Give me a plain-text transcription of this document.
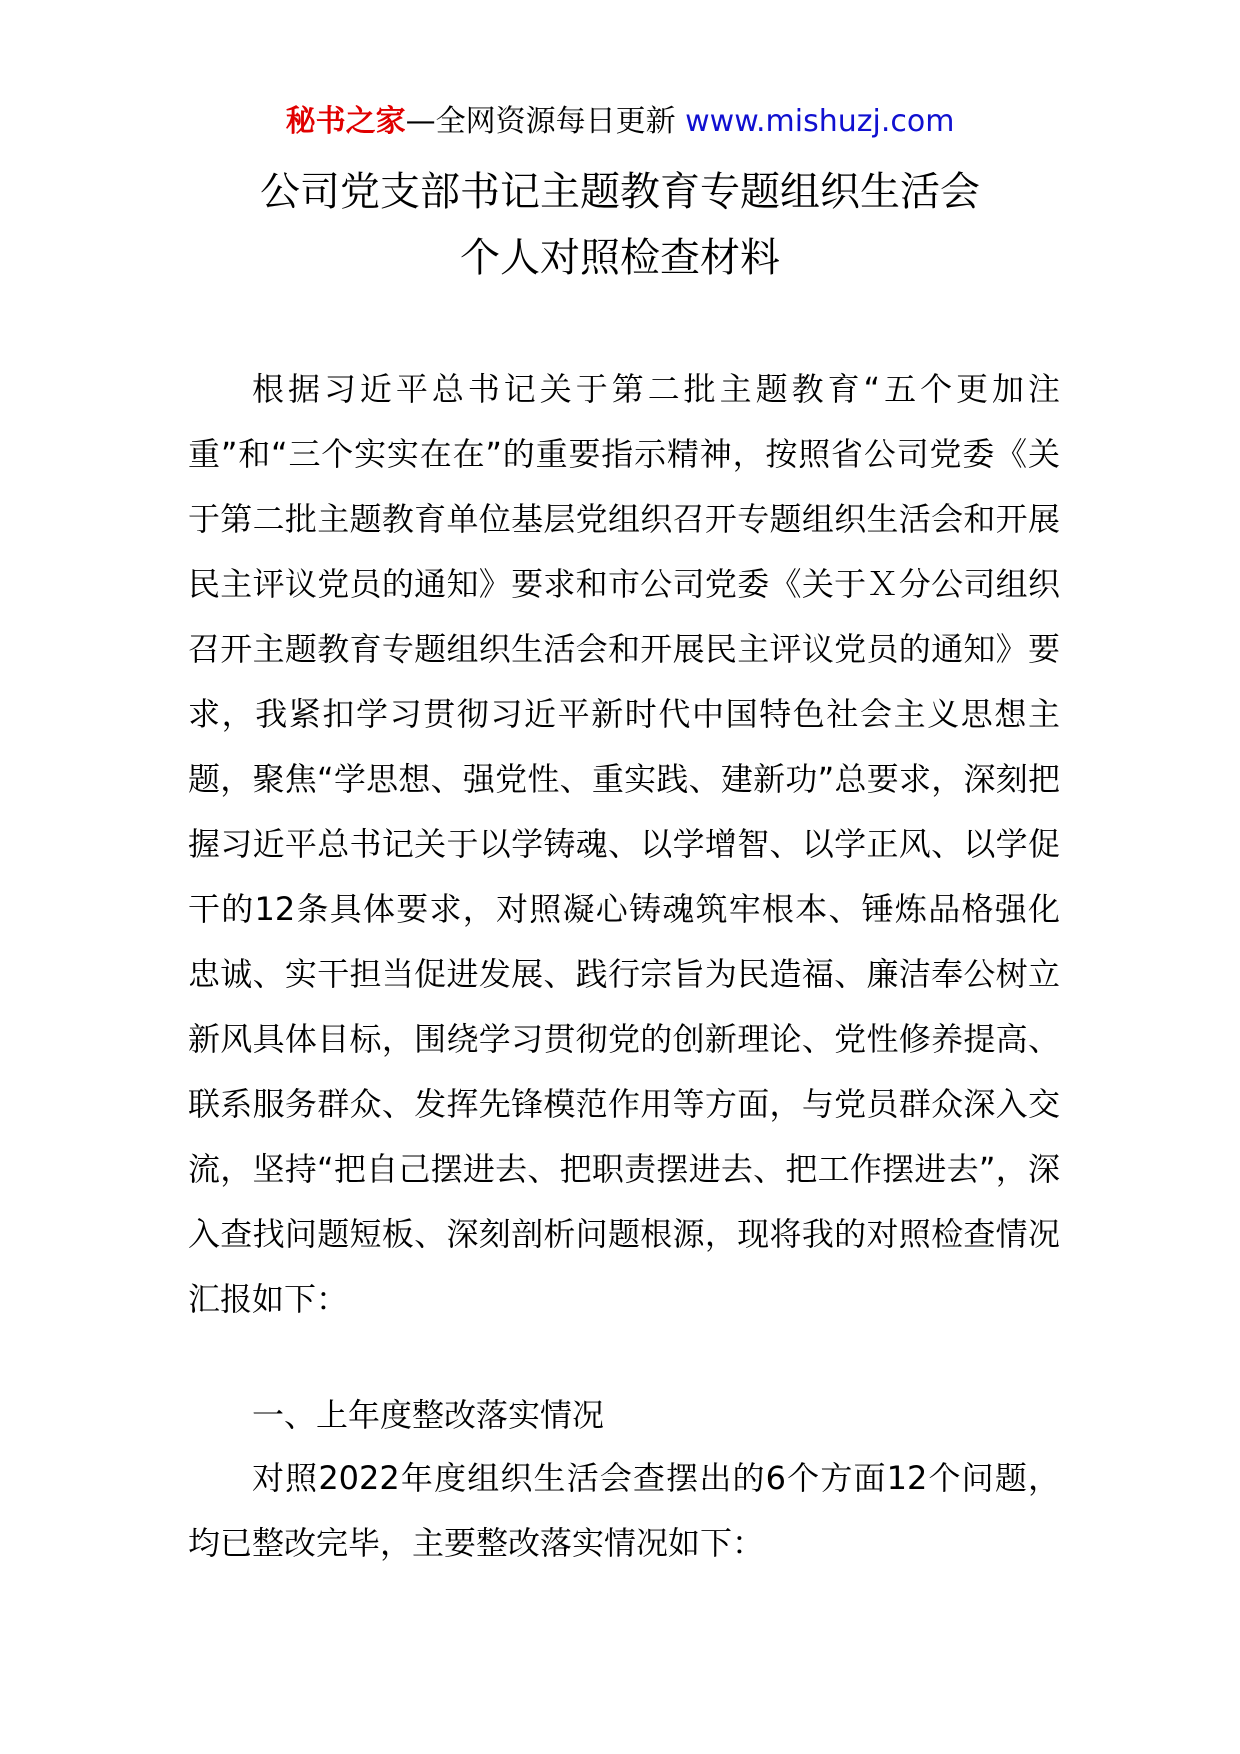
秘书之家—全网资源每日更新 www.mishuzj.com
公司党支部书记主题教育专题组织生活会
个人对照检查材料

根据习近平总书记关于第二批主题教育“五个更加注重”和“三个实实在在”的重要指示精神，按照省公司党委《关于第二批主题教育单位基层党组织召开专题组织生活会和开展民主评议党员的通知》要求和市公司党委《关于Ｘ分公司组织召开主题教育专题组织生活会和开展民主评议党员的通知》要求，我紧扣学习贯彻习近平新时代中国特色社会主义思想主题，聚焦“学思想、强党性、重实践、建新功”总要求，深刻把握习近平总书记关于以学铸魂、以学增智、以学正风、以学促干的12条具体要求，对照凝心铸魂筑牢根本、锤炼品格强化忠诚、实干担当促进发展、践行宗旨为民造福、廉洁奉公树立新风具体目标，围绕学习贯彻党的创新理论、党性修养提高、联系服务群众、发挥先锋模范作用等方面，与党员群众深入交流，坚持“把自己摆进去、把职责摆进去、把工作摆进去”，深入查找问题短板、深刻剖析问题根源，现将我的对照检查情况汇报如下：

一、上年度整改落实情况

对照2022年度组织生活会查摆出的6个方面12个问题，均已整改完毕，主要整改落实情况如下：
